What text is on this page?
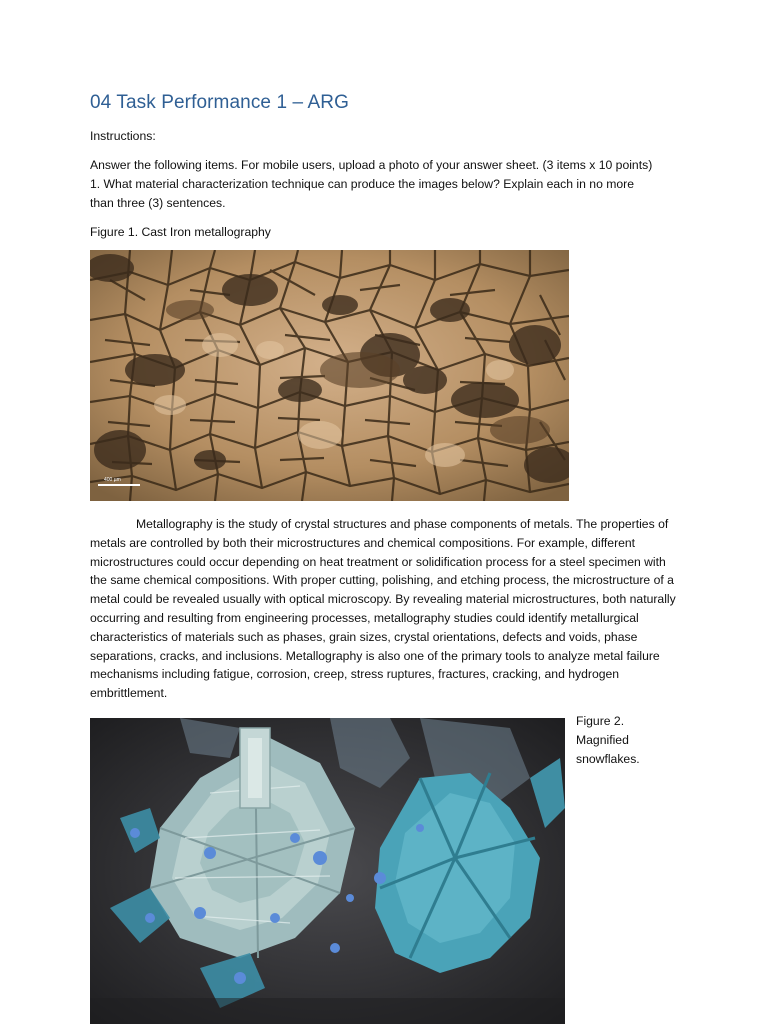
04 Task Performance 1 – ARG
Instructions:

Answer the following items. For mobile users, upload a photo of your answer sheet. (3 items x 10 points)

1. What material characterization technique can produce the images below? Explain each in no more

than three (3) sentences.

Figure 1. Cast Iron metallography
400 µm

Metallography is the study of crystal structures and phase components of metals. The properties of metals are controlled by both their microstructures and chemical compositions. For example, different microstructures could occur depending on heat treatment or solidification process for a steel specimen with the same chemical compositions. With proper cutting, polishing, and etching process, the microstructure of a metal could be revealed usually with optical microscopy. By revealing material microstructures, both naturally occurring and resulting from engineering processes, metallography studies could identify metallurgical characteristics of materials such as phases, grain sizes, crystal orientations, defects and voids, phase separations, cracks, and inclusions. Metallography is also one of the primary tools to analyze metal failure mechanisms including fatigue, corrosion, creep, stress ruptures, fractures, cracking, and hydrogen embrittlement.

Figure 2.
Magnified
snowflakes.
